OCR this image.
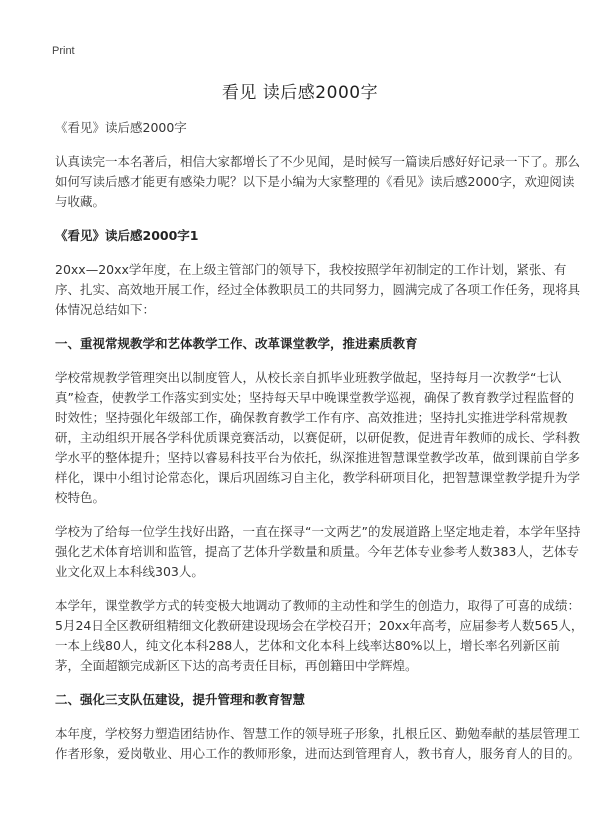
Print
看见 读后感2000字

《看见》读后感2000字

认真读完一本名著后，相信大家都增长了不少见闻，是时候写一篇读后感好好记录一下了。那么如何写读后感才能更有感染力呢？以下是小编为大家整理的《看见》读后感2000字，欢迎阅读与收藏。

《看见》读后感2000字1

20xx—20xx学年度，在上级主管部门的领导下，我校按照学年初制定的工作计划，紧张、有序、扎实、高效地开展工作，经过全体教职员工的共同努力，圆满完成了各项工作任务，现将具体情况总结如下：

一、重视常规教学和艺体教学工作、改革课堂教学，推进素质教育

学校常规教学管理突出以制度管人，从校长亲自抓毕业班教学做起，坚持每月一次教学“七认真”检查，使教学工作落实到实处；坚持每天早中晚课堂教学巡视，确保了教育教学过程监督的时效性；坚持强化年级部工作，确保教育教学工作有序、高效推进；坚持扎实推进学科常规教研，主动组织开展各学科优质课竞赛活动，以赛促研，以研促教，促进青年教师的成长、学科教学水平的整体提升；坚持以睿易科技平台为依托，纵深推进智慧课堂教学改革，做到课前自学多样化，课中小组讨论常态化，课后巩固练习自主化，教学科研项目化，把智慧课堂教学提升为学校特色。

学校为了给每一位学生找好出路，一直在探寻“一文两艺”的发展道路上坚定地走着，本学年坚持强化艺术体育培训和监管，提高了艺体升学数量和质量。今年艺体专业参考人数383人，艺体专业文化双上本科线303人。

本学年，课堂教学方式的转变极大地调动了教师的主动性和学生的创造力，取得了可喜的成绩：5月24日全区教研组精细文化教研建设现场会在学校召开；20xx年高考，应届参考人数565人，一本上线80人，纯文化本科288人，艺体和文化本科上线率达80%以上，增长率名列新区前茅，全面超额完成新区下达的高考责任目标，再创籍田中学辉煌。

二、强化三支队伍建设，提升管理和教育智慧

本年度，学校努力塑造团结协作、智慧工作的领导班子形象，扎根丘区、勤勉奉献的基层管理工作者形象，爱岗敬业、用心工作的教师形象，进而达到管理育人，教书育人，服务育人的目的。
